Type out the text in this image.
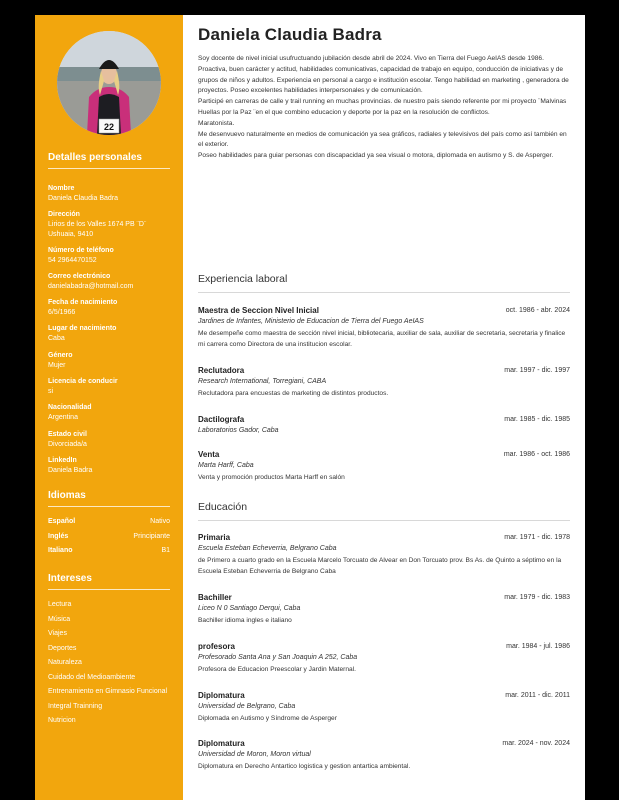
22
Detalles personales
Nombre
Daniela Claudia Badra
Dirección
Lirios de los Valles 1674 PB ¨D¨
Ushuaia, 9410
Número de teléfono
54 2964470152
Correo electrónico
danielabadra@hotmail.com
Fecha de nacimiento
6/5/1966
Lugar de nacimiento
Caba
Género
Mujer
Licencia de conducir
si
Nacionalidad
Argentina
Estado civil
Divorciada/a
LinkedIn
Daniela Badra
Idiomas
Español	Nativo
Inglés	Principiante
Italiano	B1
Intereses
Lectura
Música
Viajes
Deportes
Naturaleza
Cuidado del Medioambiente
Entrenamiento en Gimnasio Funcional
Integral Trainning
Nutricion
Daniela Claudia Badra

Soy docente de nivel inicial usufructuando jubilación desde abril de 2024. Vivo en Tierra del Fuego AeIAS desde 1986.

Proactiva, buen carácter y actitud, habilidades comunicativas, capacidad de trabajo en equipo, conducción de iniciativas y de grupos de niños y adultos. Experiencia en personal a cargo e institución escolar. Tengo habilidad en marketing , generadora de proyectos. Poseo excelentes habilidades interpersonales y de comunicación.

Participé en carreras de calle y trail running en muchas provincias. de nuestro país siendo referente por mi proyecto ¨Malvinas Huellas por la Paz ¨en el que combino educacion y deporte por la paz en la resolución de conflictos.

Maratonista.

Me desenvuevo naturalmente en medios de comunicación ya sea gráficos, radiales y televisivos del país como así también en el exterior.

Poseo habilidades para guiar personas con discapacidad ya sea visual o motora, diplomada en autismo y S. de Asperger.

Experiencia laboral
Maestra de Seccion Nivel Inicial	oct. 1986 - abr. 2024
Jardines de Infantes, Ministerio de Educacion de Tierra del Fuego AeIAS
Me desempeñe como maestra de sección nivel inicial, bibliotecaria, auxiliar de sala, auxiliar de secretaria, secretaria y finalice mi carrera como Directora de una institucion escolar.
Reclutadora	mar. 1997 - dic. 1997
Research International, Torregiani, CABA
Reclutadora para encuestas de marketing de distintos productos.
Dactilografa	mar. 1985 - dic. 1985
Laboratorios Gador, Caba
Venta	mar. 1986 - oct. 1986
Marta Harff, Caba
Venta y promoción productos Marta Harff en salón
Educación
Primaria	mar. 1971 - dic. 1978
Escuela Esteban Echeverria, Belgrano Caba
de Primero a cuarto grado en la Escuela Marcelo Torcuato de Alvear en Don Torcuato prov. Bs As. de Quinto a séptimo en la Escuela Esteban Echeverria de Belgrano Caba
Bachiller	mar. 1979 - dic. 1983
Liceo N 0 Santiago Derqui, Caba
Bachiller idioma ingles e italiano
profesora	mar. 1984 - jul. 1986
Profesorado Santa Ana y San Joaquin A 252, Caba
Profesora de Educacion Preescolar y Jardin Maternal.
Diplomatura	mar. 2011 - dic. 2011
Universidad de Belgrano, Caba
Diplomada en Autismo y Síndrome de Asperger
Diplomatura	mar. 2024 - nov. 2024
Universidad de Moron, Moron virtual
Diplomatura en Derecho Antartico logistica y gestion antartica ambiental.
